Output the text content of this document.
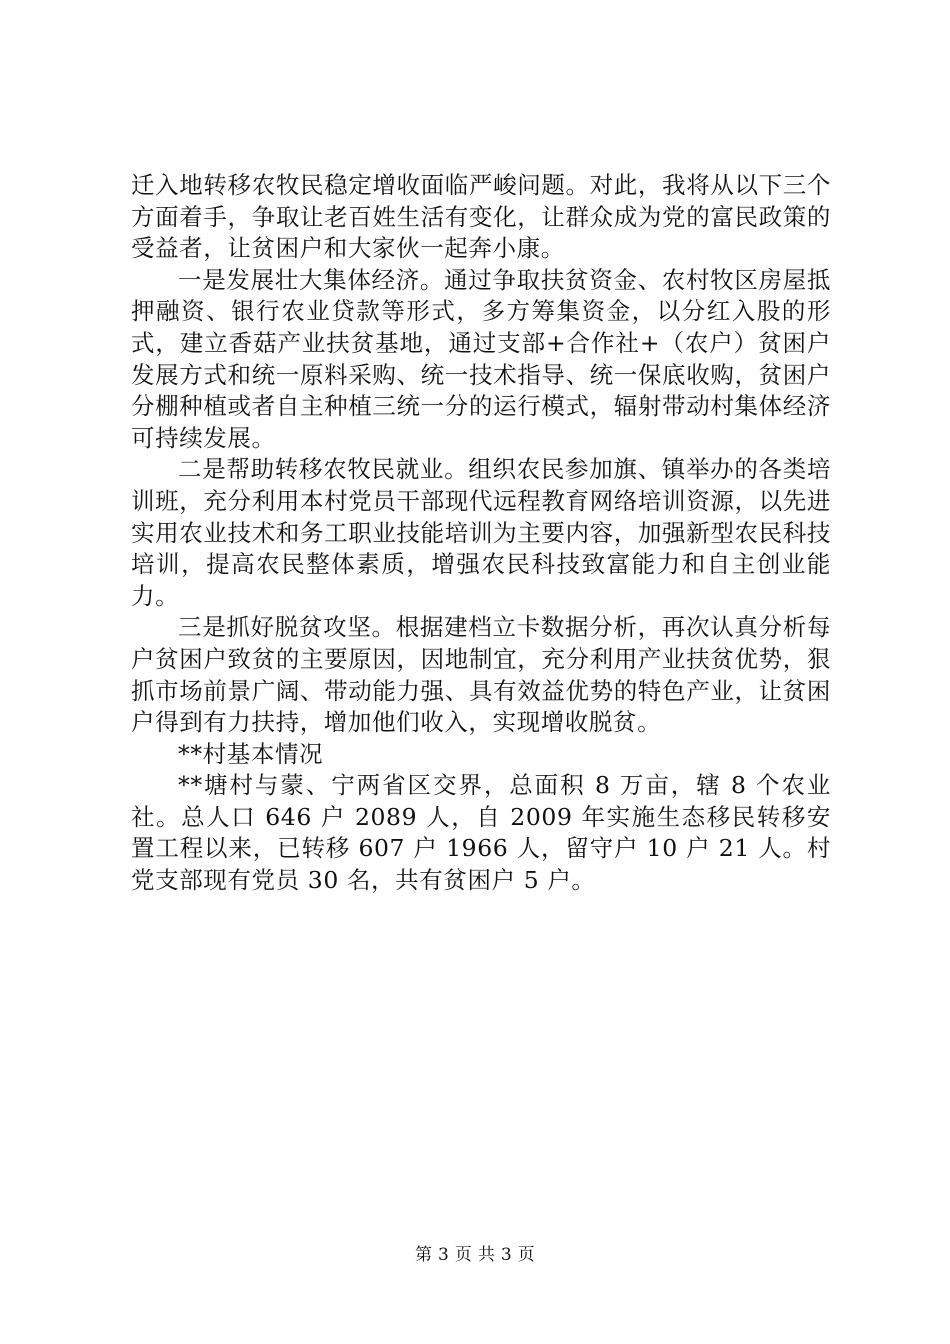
迁入地转移农牧民稳定增收面临严峻问题。对此，我将从以下三个方面着手，争取让老百姓生活有变化，让群众成为党的富民政策的受益者，让贫困户和大家伙一起奔小康。

一是发展壮大集体经济。通过争取扶贫资金、农村牧区房屋抵押融资、银行农业贷款等形式，多方筹集资金，以分红入股的形式，建立香菇产业扶贫基地，通过支部+合作社+（农户）贫困户发展方式和统一原料采购、统一技术指导、统一保底收购，贫困户分棚种植或者自主种植三统一分的运行模式，辐射带动村集体经济可持续发展。

二是帮助转移农牧民就业。组织农民参加旗、镇举办的各类培训班，充分利用本村党员干部现代远程教育网络培训资源，以先进实用农业技术和务工职业技能培训为主要内容，加强新型农民科技培训，提高农民整体素质，增强农民科技致富能力和自主创业能力。

三是抓好脱贫攻坚。根据建档立卡数据分析，再次认真分析每户贫困户致贫的主要原因，因地制宜，充分利用产业扶贫优势，狠抓市场前景广阔、带动能力强、具有效益优势的特色产业，让贫困户得到有力扶持，增加他们收入，实现增收脱贫。

**村基本情况

**塘村与蒙、宁两省区交界，总面积 8 万亩，辖 8 个农业社。总人口 646 户 2089 人，自 2009 年实施生态移民转移安置工程以来，已转移 607 户 1966 人，留守户 10 户 21 人。村党支部现有党员 30 名，共有贫困户 5 户。

第 3 页 共 3 页
